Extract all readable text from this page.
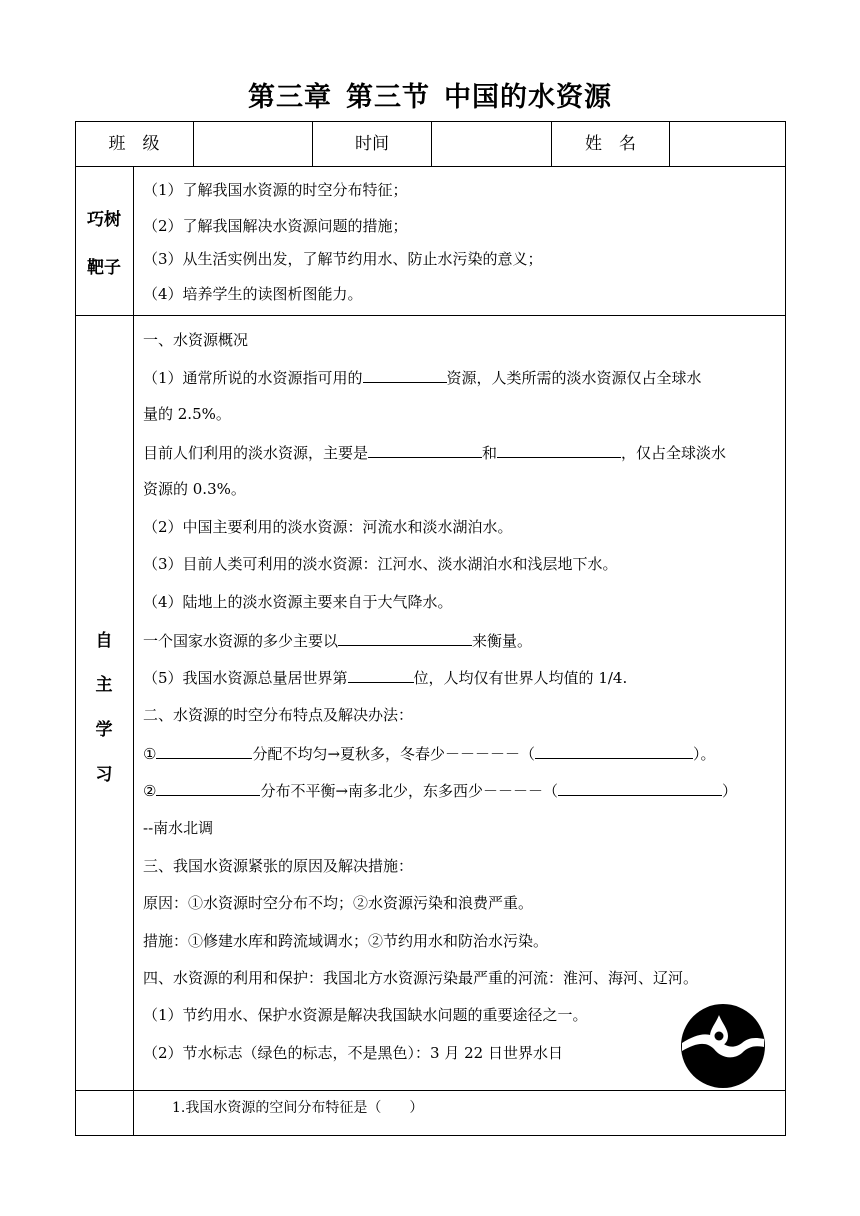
第三章 第三节 中国的水资源
班　级	时间	姓　名
巧树
靶子
（1）了解我国水资源的时空分布特征；
（2）了解我国解决水资源问题的措施；
（3）从生活实例出发，了解节约用水、防止水污染的意义；
（4）培养学生的读图析图能力。
自
主
学
习
一、水资源概况
（1）通常所说的水资源指可用的	资源，人类所需的淡水资源仅占全球水
量的 2.5%。
目前人们利用的淡水资源，主要是	和	，仅占全球淡水
资源的 0.3%。
（2）中国主要利用的淡水资源：河流水和淡水湖泊水。
（3）目前人类可利用的淡水资源：江河水、淡水湖泊水和浅层地下水。
（4）陆地上的淡水资源主要来自于大气降水。
一个国家水资源的多少主要以	来衡量。
（5）我国水资源总量居世界第	位，人均仅有世界人均值的 1/4.
二、水资源的时空分布特点及解决办法：
①	分配不均匀→夏秋多，冬春少－－－－－（	）。
②	分布不平衡→南多北少，东多西少－－－－（	）
--南水北调
三、我国水资源紧张的原因及解决措施：
原因：①水资源时空分布不均；②水资源污染和浪费严重。
措施：①修建水库和跨流域调水；②节约用水和防治水污染。
四、水资源的利用和保护：我国北方水资源污染最严重的河流：淮河、海河、辽河。
（1）节约用水、保护水资源是解决我国缺水问题的重要途径之一。
（2）节水标志（绿色的标志，不是黑色）：3 月 22 日世界水日
1.我国水资源的空间分布特征是（　　）
